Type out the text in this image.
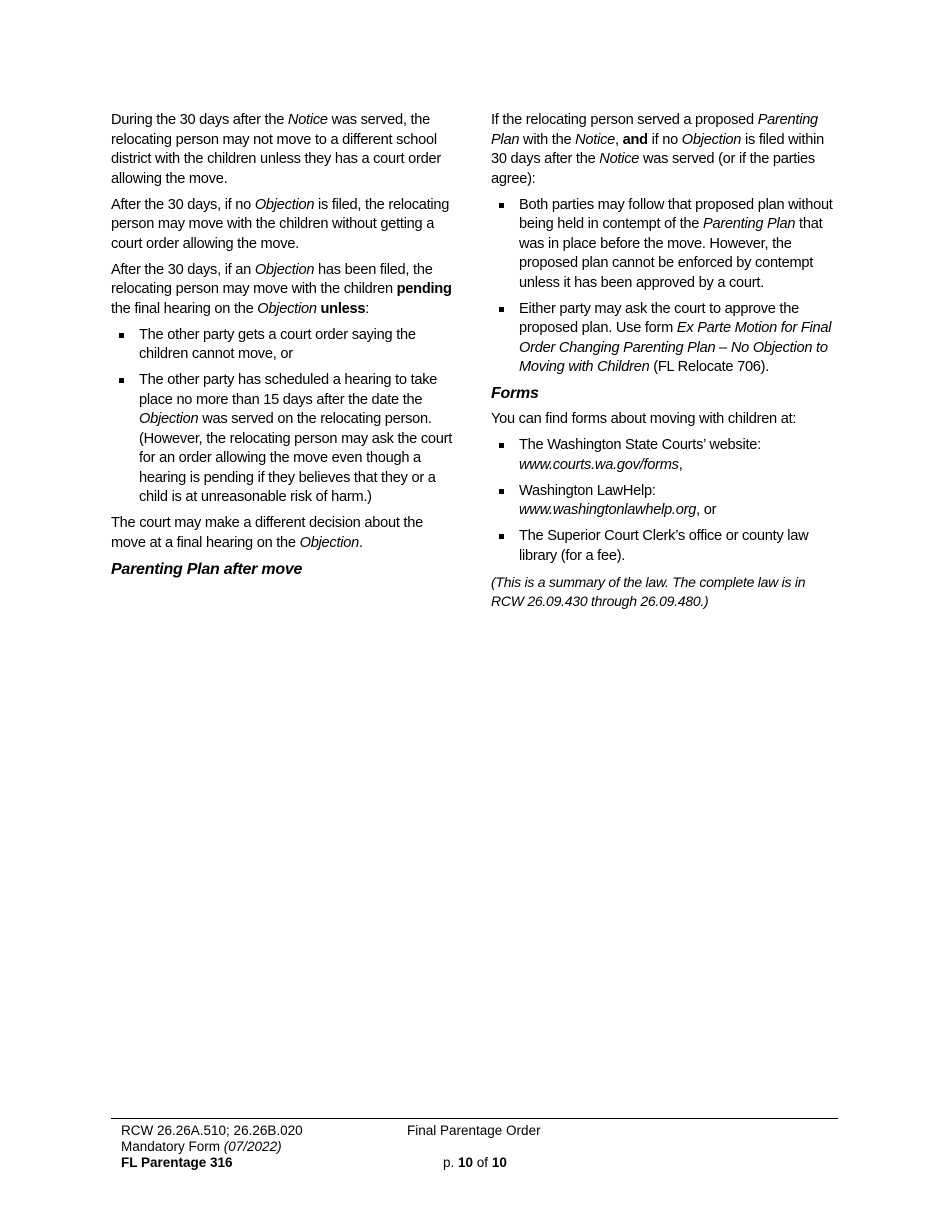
During the 30 days after the Notice was served, the relocating person may not move to a different school district with the children unless they has a court order allowing the move.

After the 30 days, if no Objection is filed, the relocating person may move with the children without getting a court order allowing the move.

After the 30 days, if an Objection has been filed, the relocating person may move with the children pending the final hearing on the Objection unless:

The other party gets a court order saying the children cannot move, or
The other party has scheduled a hearing to take place no more than 15 days after the date the Objection was served on the relocating person. (However, the relocating person may ask the court for an order allowing the move even though a hearing is pending if they believes that they or a child is at unreasonable risk of harm.)

The court may make a different decision about the move at a final hearing on the Objection.

Parenting Plan after move

If the relocating person served a proposed Parenting Plan with the Notice, and if no Objection is filed within 30 days after the Notice was served (or if the parties agree):

Both parties may follow that proposed plan without being held in contempt of the Parenting Plan that was in place before the move. However, the proposed plan cannot be enforced by contempt unless it has been approved by a court.
Either party may ask the court to approve the proposed plan. Use form Ex Parte Motion for Final Order Changing Parenting Plan – No Objection to Moving with Children (FL Relocate 706).
Forms

You can find forms about moving with children at:

The Washington State Courts’ website: www.courts.wa.gov/forms,
Washington LawHelp: www.washingtonlawhelp.org, or
The Superior Court Clerk’s office or county law library (for a fee).

(This is a summary of the law. The complete law is in RCW 26.09.430 through 26.09.480.)

RCW 26.26A.510; 26.26B.020
Mandatory Form (07/2022)
FL Parentage 316
Final Parentage Order
p. 10 of 10
